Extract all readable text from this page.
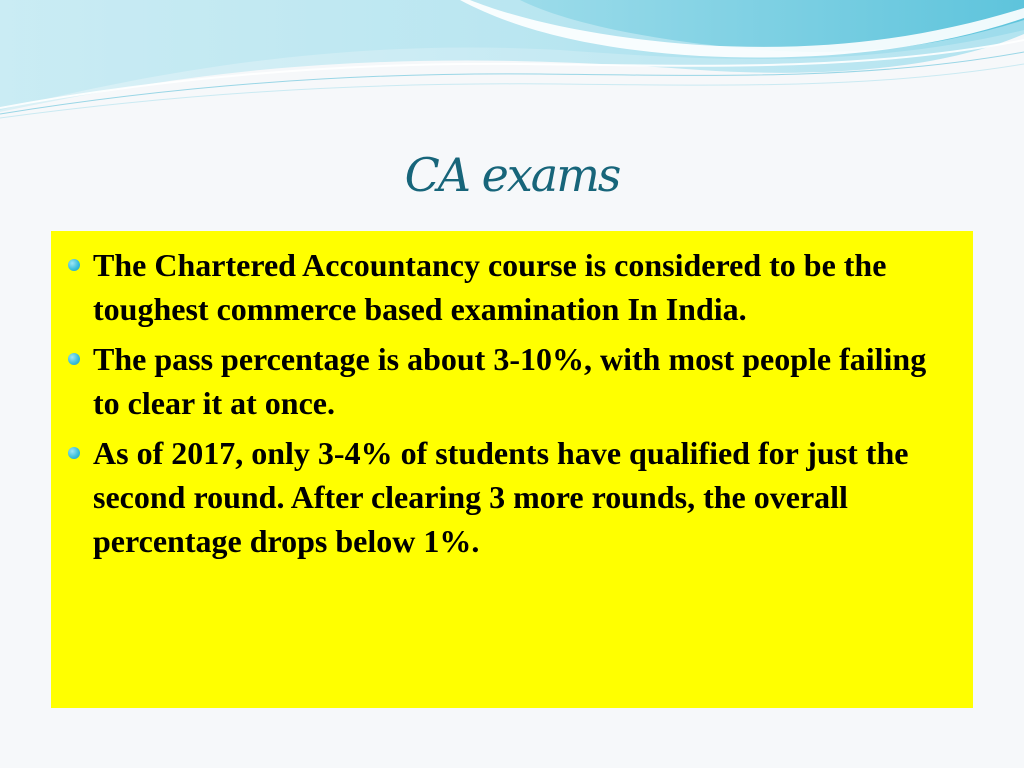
CA exams
The Chartered Accountancy course is considered to be the toughest commerce based examination In India.
The pass percentage is about 3-10%, with most people failing to clear it at once.
As of 2017, only 3-4% of students have qualified for just the second round. After clearing 3 more rounds, the overall percentage drops below 1%.
